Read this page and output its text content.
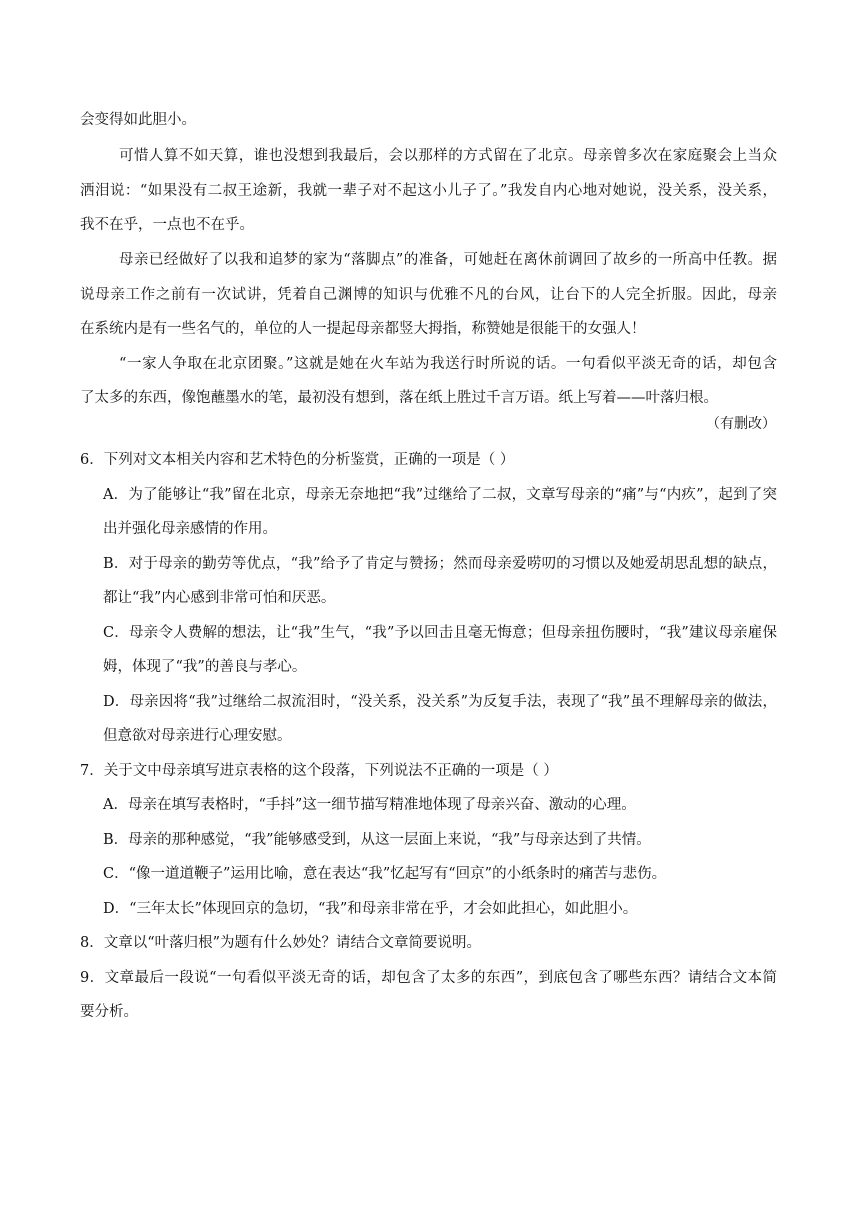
会变得如此胆小。
可惜人算不如天算，谁也没想到我最后，会以那样的方式留在了北京。母亲曾多次在家庭聚会上当众
洒泪说：“如果没有二叔王途新，我就一辈子对不起这小儿子了。”我发自内心地对她说，没关系，没关系，
我不在乎，一点也不在乎。
母亲已经做好了以我和追梦的家为“落脚点”的准备，可她赶在离休前调回了故乡的一所高中任教。据
说母亲工作之前有一次试讲，凭着自己渊博的知识与优雅不凡的台风，让台下的人完全折服。因此，母亲
在系统内是有一些名气的，单位的人一提起母亲都竖大拇指，称赞她是很能干的女强人！
“一家人争取在北京团聚。”这就是她在火车站为我送行时所说的话。一句看似平淡无奇的话，却包含
了太多的东西，像饱蘸墨水的笔，最初没有想到，落在纸上胜过千言万语。纸上写着——叶落归根。
（有删改）
6．下列对文本相关内容和艺术特色的分析鉴赏，正确的一项是（ ）
A．为了能够让“我”留在北京，母亲无奈地把“我”过继给了二叔，文章写母亲的“痛”与“内疚”，起到了突
出并强化母亲感情的作用。
B．对于母亲的勤劳等优点，“我”给予了肯定与赞扬；然而母亲爱唠叨的习惯以及她爱胡思乱想的缺点，
都让“我”内心感到非常可怕和厌恶。
C．母亲令人费解的想法，让“我”生气，“我”予以回击且毫无悔意；但母亲扭伤腰时，“我”建议母亲雇保
姆，体现了“我”的善良与孝心。
D．母亲因将“我”过继给二叔流泪时，“没关系，没关系”为反复手法，表现了“我”虽不理解母亲的做法，
但意欲对母亲进行心理安慰。
7．关于文中母亲填写进京表格的这个段落，下列说法不正确的一项是（ ）
A．母亲在填写表格时，“手抖”这一细节描写精准地体现了母亲兴奋、激动的心理。
B．母亲的那种感觉，“我”能够感受到，从这一层面上来说，“我”与母亲达到了共情。
C．“像一道道鞭子”运用比喻，意在表达“我”忆起写有“回京”的小纸条时的痛苦与悲伤。
D．“三年太长”体现回京的急切，“我”和母亲非常在乎，才会如此担心，如此胆小。
8．文章以“叶落归根”为题有什么妙处？请结合文章简要说明。
9．文章最后一段说“一句看似平淡无奇的话，却包含了太多的东西”，到底包含了哪些东西？请结合文本简
要分析。
